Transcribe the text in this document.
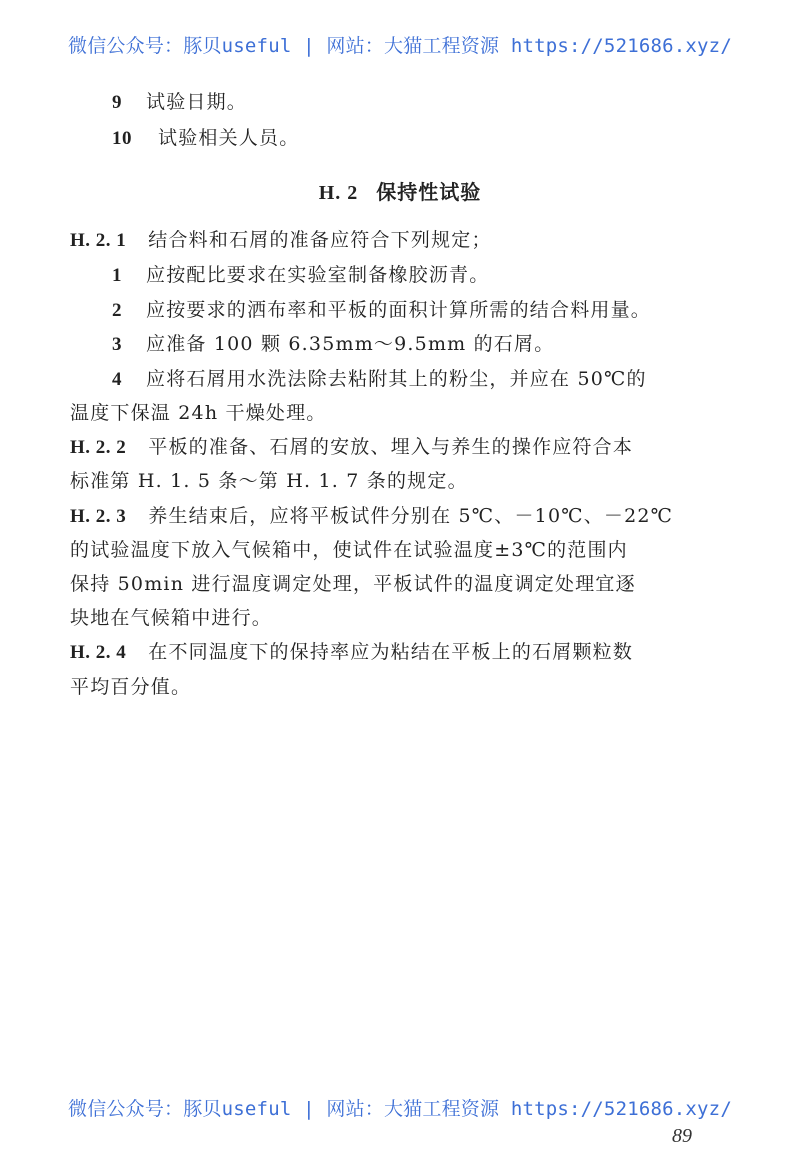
微信公众号：豚贝useful | 网站：大猫工程资源 https://521686.xyz/
9 试验日期。
10 试验相关人员。
H. 2 保持性试验
H. 2. 1 结合料和石屑的准备应符合下列规定；
1 应按配比要求在实验室制备橡胶沥青。
2 应按要求的洒布率和平板的面积计算所需的结合料用量。
3 应准备 100 颗 6.35mm～9.5mm 的石屑。
4 应将石屑用水洗法除去粘附其上的粉尘，并应在 50℃的
温度下保温 24h 干燥处理。
H. 2. 2 平板的准备、石屑的安放、埋入与养生的操作应符合本
标准第 H. 1. 5 条～第 H. 1. 7 条的规定。
H. 2. 3 养生结束后，应将平板试件分别在 5℃、－10℃、－22℃
的试验温度下放入气候箱中，使试件在试验温度±3℃的范围内
保持 50min 进行温度调定处理，平板试件的温度调定处理宜逐
块地在气候箱中进行。
H. 2. 4 在不同温度下的保持率应为粘结在平板上的石屑颗粒数
平均百分值。
微信公众号：豚贝useful | 网站：大猫工程资源 https://521686.xyz/
89
